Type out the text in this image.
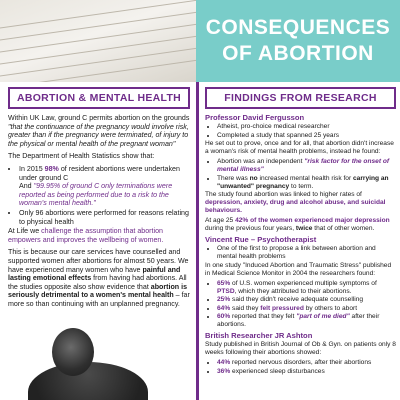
CONSEQUENCES
OF ABORTION
ABORTION & MENTAL HEALTH

Within UK Law, ground C permits abortion on the grounds "that the continuance of the pregnancy would involve risk, greater than if the pregnancy were terminated, of injury to the physical or mental health of the pregnant woman"

The Department of Health Statistics show that:

• In 2015 98% of resident abortions were undertaken under ground C
And "99.95% of ground C only terminations were reported as being performed due to a risk to the woman's mental health."
• Only 96 abortions were performed for reasons relating to physical health

At Life we challenge the assumption that abortion empowers and improves the wellbeing of women.

This is because our care services have counselled and supported women after abortions for almost 50 years. We have experienced many women who have painful and lasting emotional effects from having had abortions. All the studies opposite also show evidence that abortion is seriously detrimental to a women's mental health – far more so than continuing with an unplanned pregnancy.

FINDINGS FROM RESEARCH
Professor David Fergusson
• Atheist, pro-choice medical researcher
• Completed a study that spanned 25 years

He set out to prove, once and for all, that abortion didn't increase a woman's risk of mental health problems, instead he found:

• Abortion was an independent "risk factor for the onset of mental illness"
• There was no increased mental health risk for carrying an "unwanted" pregnancy to term.

The study found abortion was linked to higher rates of depression, anxiety, drug and alcohol abuse, and suicidal behaviours.

At age 25 42% of the women experienced major depression during the previous four years, twice that of other women.

Vincent Rue – Psychotherapist
• One of the first to propose a link between abortion and mental health problems

In one study "Induced Abortion and Traumatic Stress" published in Medical Science Monitor in 2004 the researchers found:

• 65% of U.S. women experienced multiple symptoms of PTSD, which they attributed to their abortions.
• 25% said they didn't receive adequate counselling
• 64% said they felt pressured by others to abort
• 60% reported that they felt "part of me died" after their abortions.
British Researcher JR Ashton

Study published in British Journal of Ob & Gyn. on patients only 8 weeks following their abortions showed:

• 44% reported nervous disorders, after their abortions
• 36% experienced sleep disturbances
